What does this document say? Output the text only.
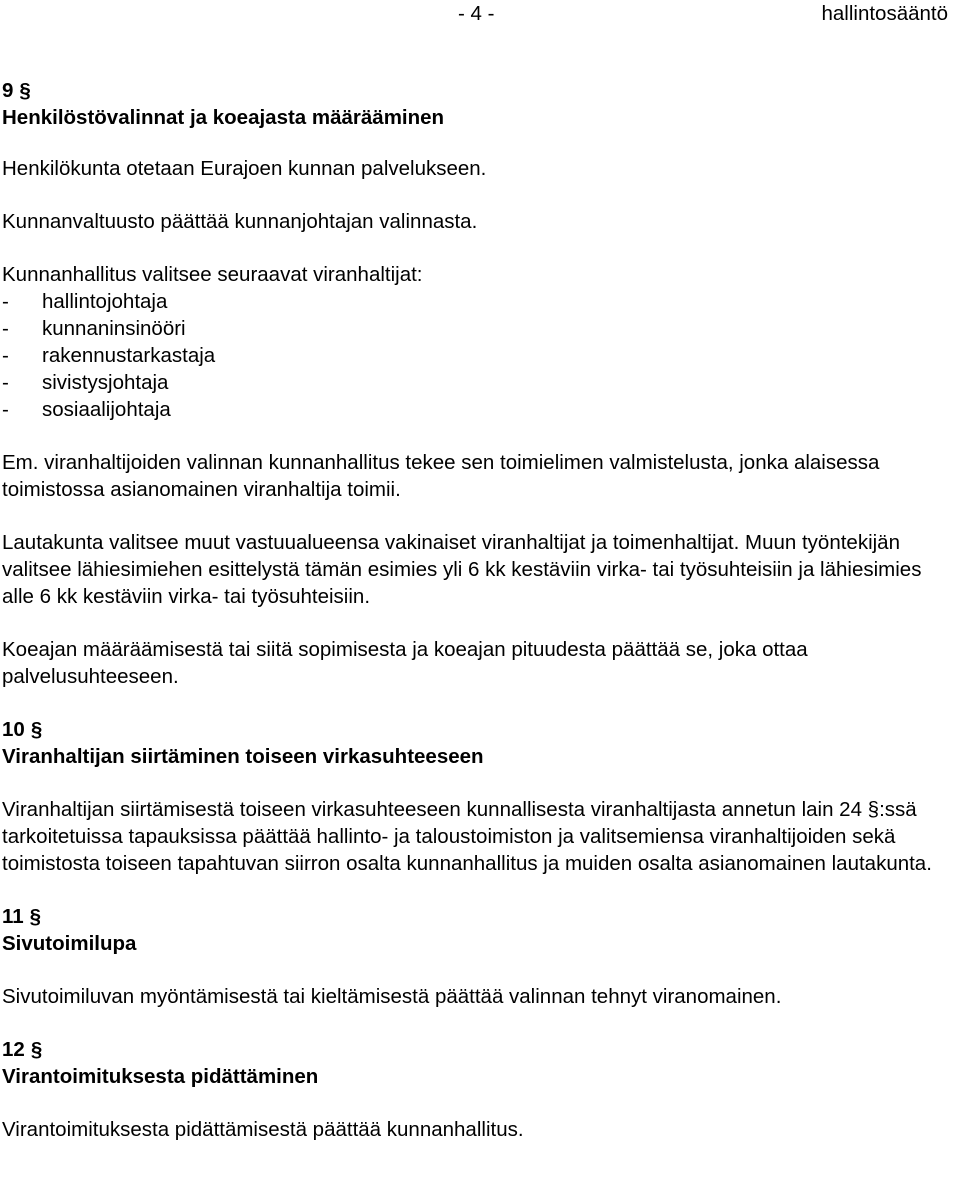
- 4 -	hallintosääntö
9 §
Henkilöstövalinnat ja koeajasta määrääminen

Henkilökunta otetaan Eurajoen kunnan palvelukseen.

Kunnanvaltuusto päättää kunnanjohtajan valinnasta.

Kunnanhallitus valitsee seuraavat viranhaltijat:

- hallintojohtaja
- kunnaninsinööri
- rakennustarkastaja
- sivistysjohtaja
- sosiaalijohtaja

Em. viranhaltijoiden valinnan kunnanhallitus tekee sen toimielimen valmistelusta, jonka alaisessa toimistossa asianomainen viranhaltija toimii.

Lautakunta valitsee muut vastuualueensa vakinaiset viranhaltijat ja toimenhaltijat. Muun työntekijän valitsee lähiesimiehen esittelystä tämän esimies yli 6 kk kestäviin virka- tai työsuhteisiin ja lähiesimies alle 6 kk kestäviin virka- tai työsuhteisiin.

Koeajan määräämisestä tai siitä sopimisesta ja koeajan pituudesta päättää se, joka ottaa palvelusuhteeseen.

10 §
Viranhaltijan siirtäminen toiseen virkasuhteeseen

Viranhaltijan siirtämisestä toiseen virkasuhteeseen kunnallisesta viranhaltijasta annetun lain 24 §:ssä tarkoitetuissa tapauksissa päättää hallinto- ja taloustoimiston ja valitsemiensa viranhaltijoiden sekä toimistosta toiseen tapahtuvan siirron osalta kunnanhallitus ja muiden osalta asianomainen lautakunta.

11 §
Sivutoimilupa

Sivutoimiluvan myöntämisestä tai kieltämisestä päättää valinnan tehnyt viranomainen.

12 §
Virantoimituksesta pidättäminen

Virantoimituksesta pidättämisestä päättää kunnanhallitus.
